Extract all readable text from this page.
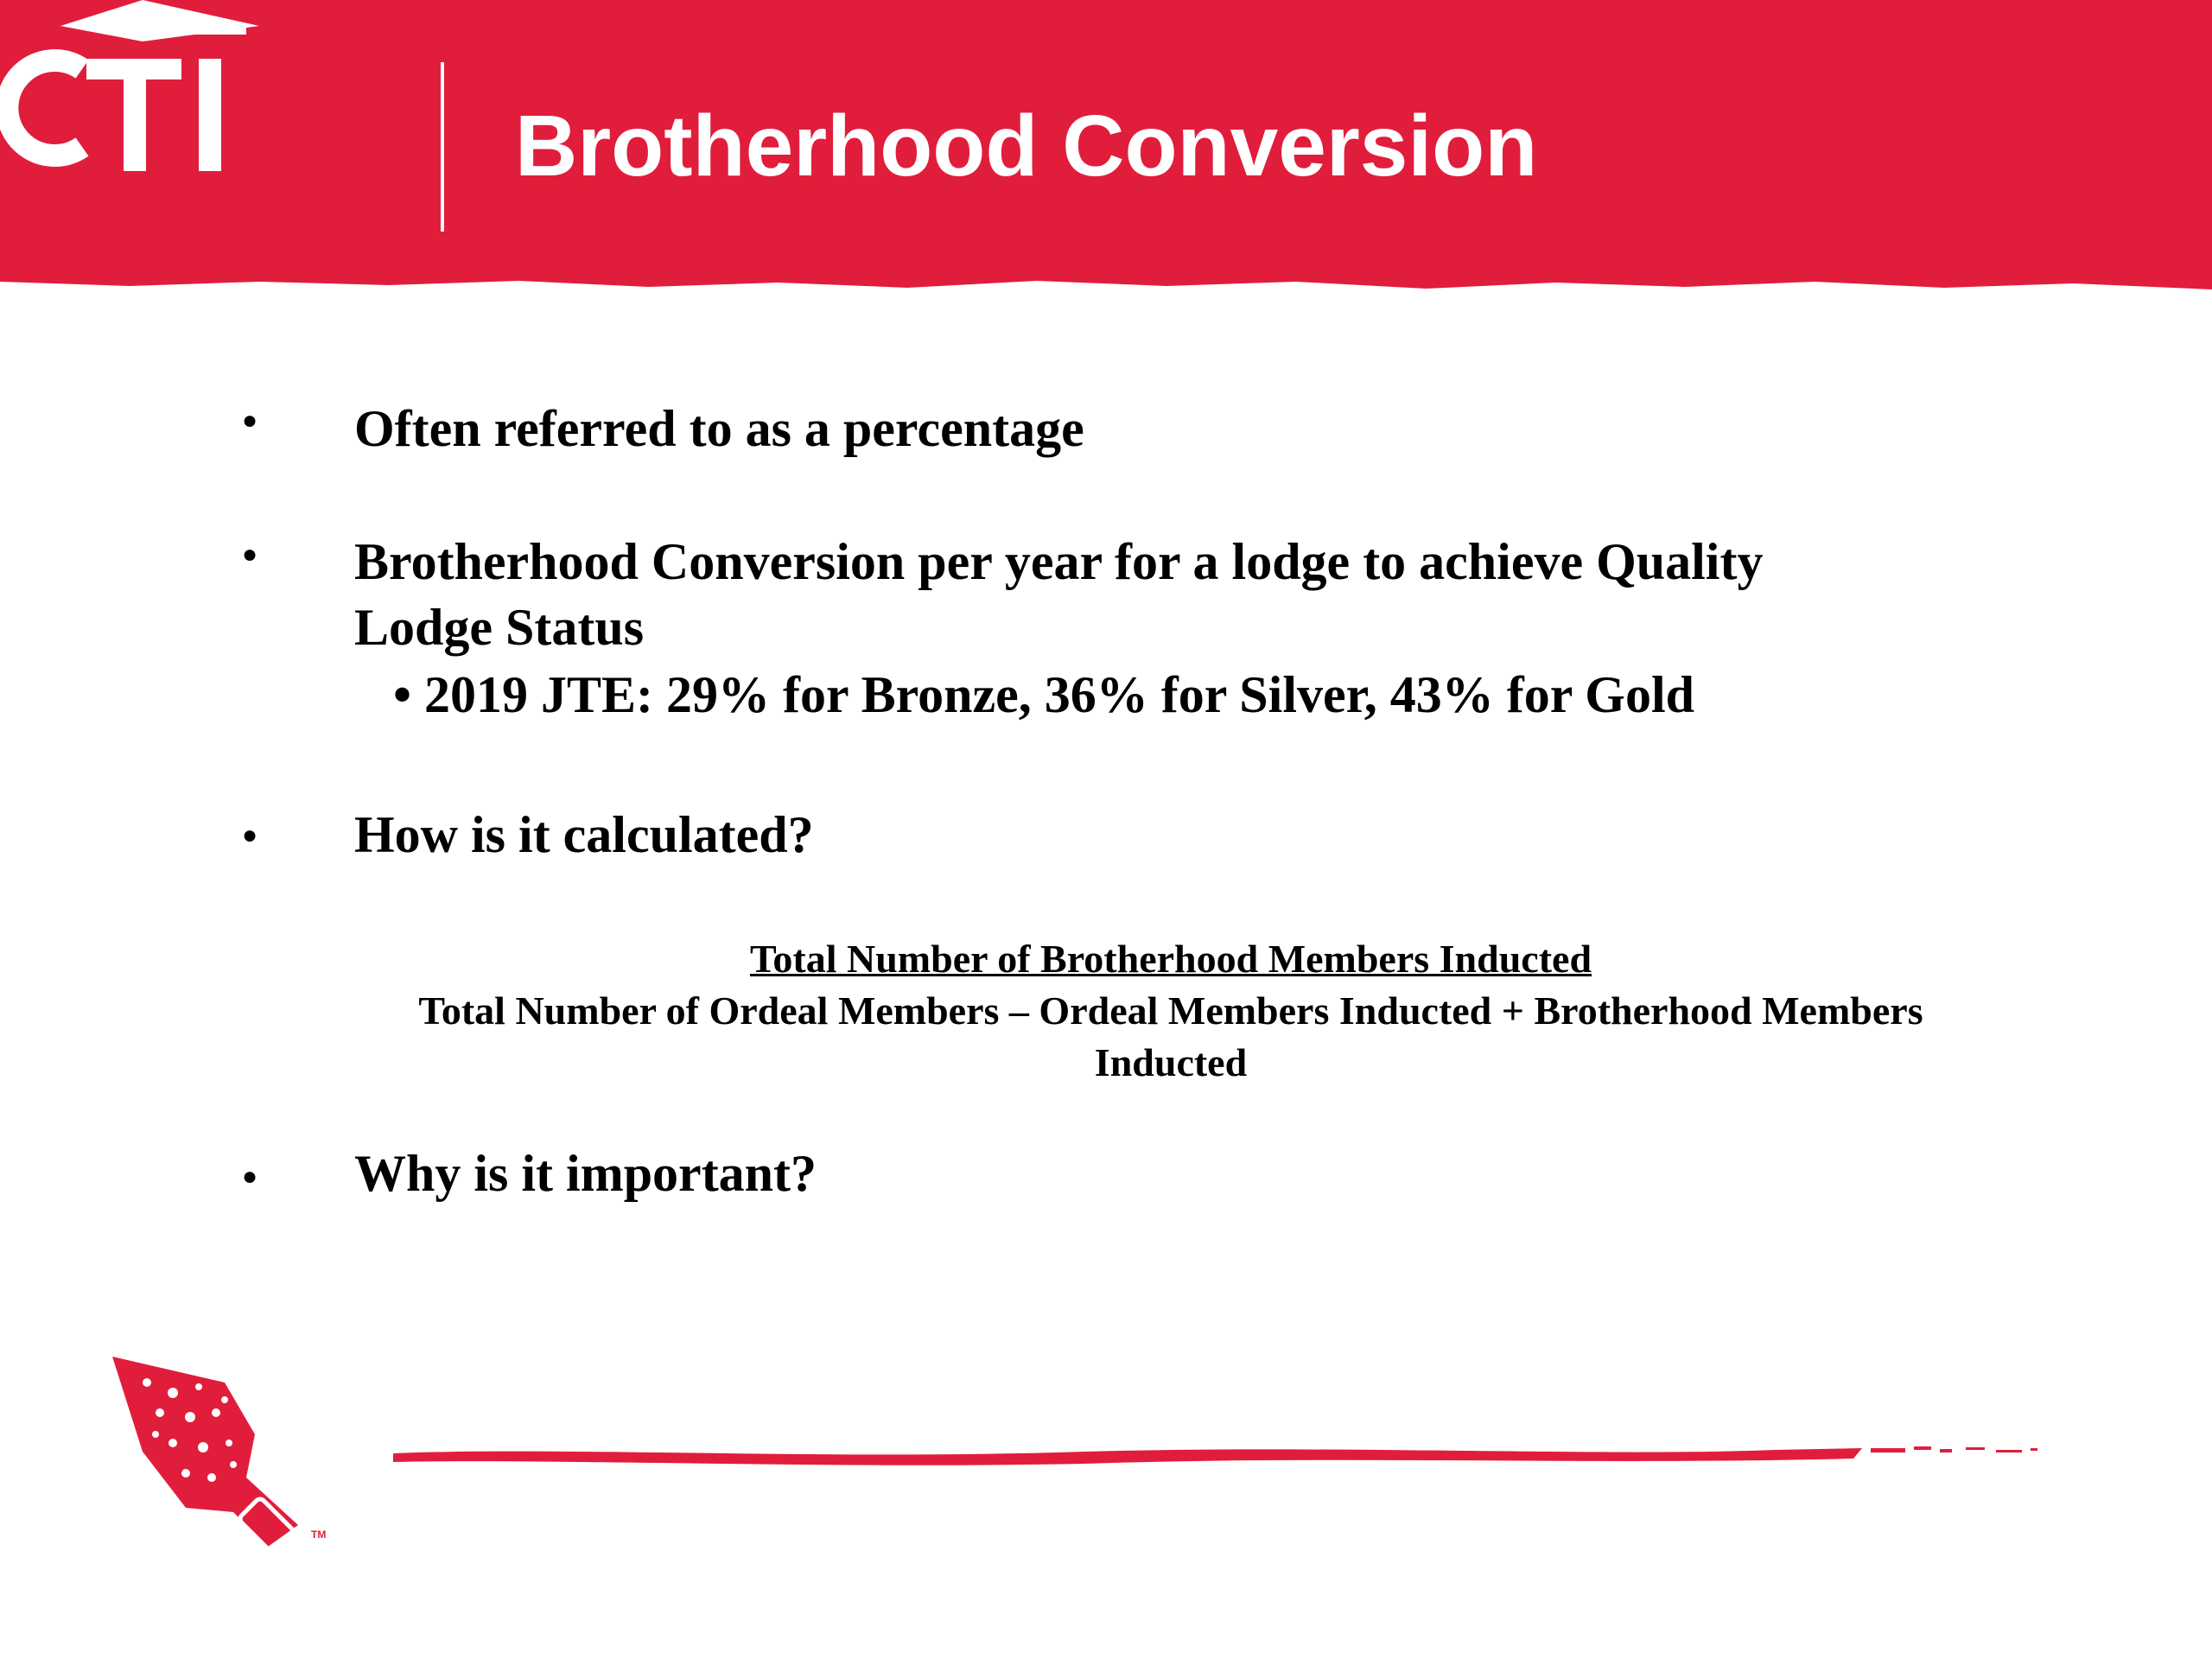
Brotherhood Conversion
● Often referred to as a percentage
● Brotherhood Conversion per year for a lodge to achieve Quality
Lodge Status
• 2019 JTE: 29% for Bronze, 36% for Silver, 43% for Gold
● How is it calculated?
Total Number of Brotherhood Members Inducted
Total Number of Ordeal Members – Ordeal Members Inducted + Brotherhood Members Inducted
● Why is it important?
TM
